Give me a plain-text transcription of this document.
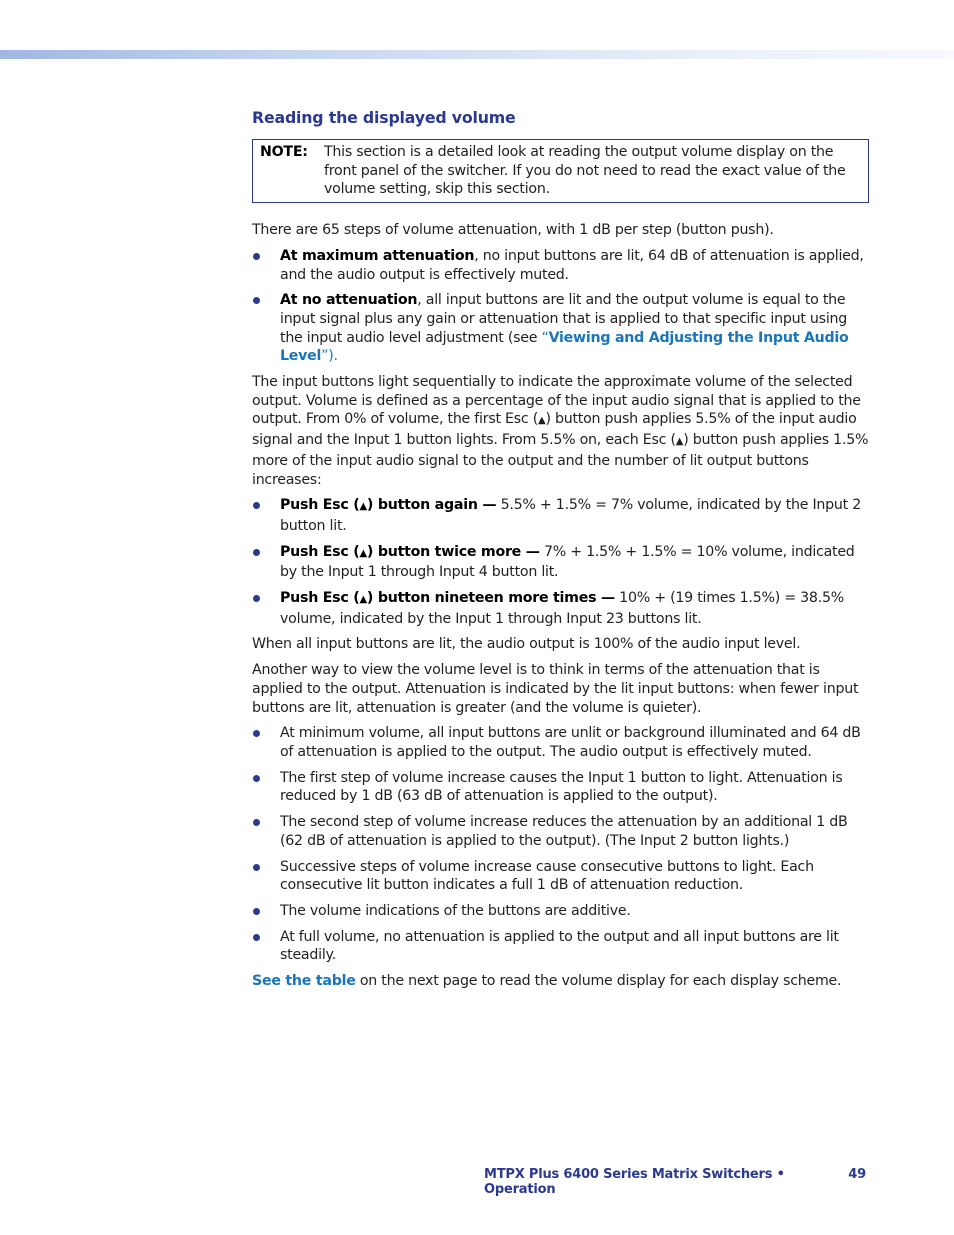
Reading the displayed volume
NOTE:	This section is a detailed look at reading the output volume display on the front panel of the switcher. If you do not need to read the exact value of the volume setting, skip this section.

There are 65 steps of volume attenuation, with 1 dB per step (button push).

At maximum attenuation, no input buttons are lit, 64 dB of attenuation is applied, and the audio output is effectively muted.
At no attenuation, all input buttons are lit and the output volume is equal to the input signal plus any gain or attenuation that is applied to that specific input using the input audio level adjustment (see “Viewing and Adjusting the Input Audio Level”).

The input buttons light sequentially to indicate the approximate volume of the selected output. Volume is defined as a percentage of the input audio signal that is applied to the output. From 0% of volume, the first Esc (▲) button push applies 5.5% of the input audio signal and the Input 1 button lights. From 5.5% on, each Esc (▲) button push applies 1.5% more of the input audio signal to the output and the number of lit output buttons increases:

Push Esc (▲) button again — 5.5% + 1.5% = 7% volume, indicated by the Input 2 button lit.
Push Esc (▲) button twice more — 7% + 1.5% + 1.5% = 10% volume, indicated by the Input 1 through Input 4 button lit.
Push Esc (▲) button nineteen more times — 10% + (19 times 1.5%) = 38.5% volume, indicated by the Input 1 through Input 23 buttons lit.

When all input buttons are lit, the audio output is 100% of the audio input level.

Another way to view the volume level is to think in terms of the attenuation that is applied to the output. Attenuation is indicated by the lit input buttons: when fewer input buttons are lit, attenuation is greater (and the volume is quieter).

At minimum volume, all input buttons are unlit or background illuminated and 64 dB of attenuation is applied to the output. The audio output is effectively muted.
The first step of volume increase causes the Input 1 button to light. Attenuation is reduced by 1 dB (63 dB of attenuation is applied to the output).
The second step of volume increase reduces the attenuation by an additional 1 dB (62 dB of attenuation is applied to the output). (The Input 2 button lights.)
Successive steps of volume increase cause consecutive buttons to light. Each consecutive lit button indicates a full 1 dB of attenuation reduction.
The volume indications of the buttons are additive.
At full volume, no attenuation is applied to the output and all input buttons are lit steadily.

See the table on the next page to read the volume display for each display scheme.

MTPX Plus 6400 Series Matrix Switchers • Operation
49
